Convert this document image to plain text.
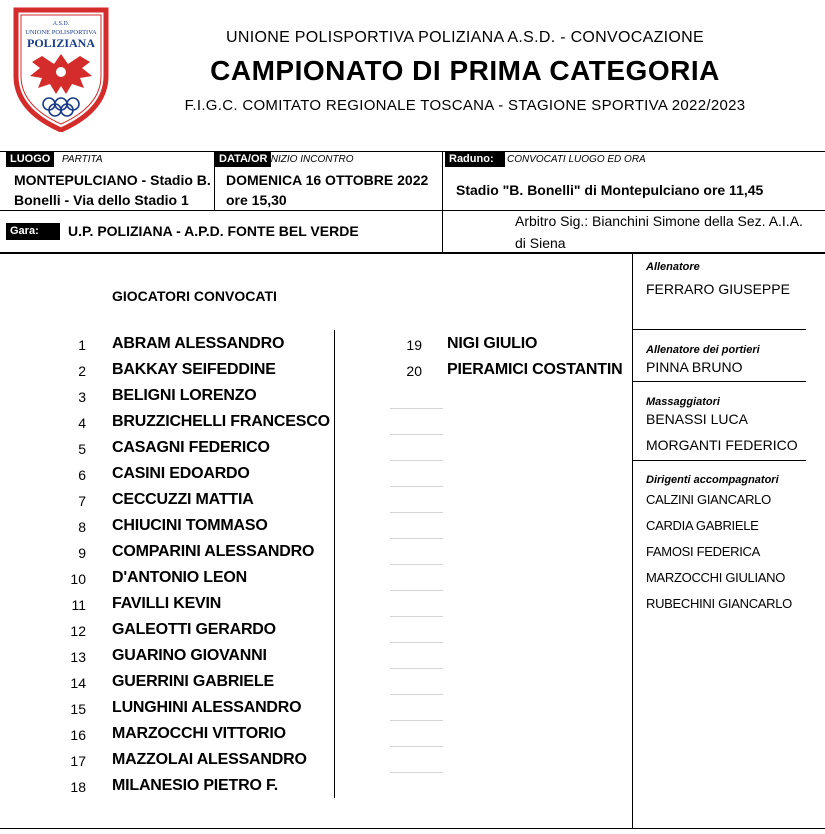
A.S.D.
UNIONE POLISPORTIVA
POLIZIANA	UNIONE POLISPORTIVA POLIZIANA A.S.D. - CONVOCAZIONE
CAMPIONATO DI PRIMA CATEGORIA
F.I.G.C. COMITATO REGIONALE TOSCANA - STAGIONE SPORTIVA 2022/2023
LUOGO	PARTITA
MONTEPULCIANO - Stadio B.
Bonelli - Via dello Stadio 1
DATA/OR INIZIO INCONTRO
DOMENICA 16 OTTOBRE 2022
ore 15,30
Raduno:	CONVOCATI LUOGO ED ORA
Stadio "B. Bonelli" di Montepulciano ore 11,45
Gara:	U.P. POLIZIANA - A.P.D. FONTE BEL VERDE
Arbitro Sig.: Bianchini Simone della Sez. A.I.A.
di Siena
GIOCATORI CONVOCATI
1 ABRAM ALESSANDRO
2 BAKKAY SEIFEDDINE
3 BELIGNI LORENZO
4 BRUZZICHELLI FRANCESCO
5 CASAGNI FEDERICO
6 CASINI EDOARDO
7 CECCUZZI MATTIA
8 CHIUCINI TOMMASO
9 COMPARINI ALESSANDRO
10 D'ANTONIO LEON
11 FAVILLI KEVIN
12 GALEOTTI GERARDO
13 GUARINO GIOVANNI
14 GUERRINI GABRIELE
15 LUNGHINI ALESSANDRO
16 MARZOCCHI VITTORIO
17 MAZZOLAI ALESSANDRO
18 MILANESIO PIETRO F.
19 NIGI GIULIO
20 PIERAMICI COSTANTIN
Allenatore
FERRARO GIUSEPPE
Allenatore dei portieri
PINNA BRUNO
Massaggiatori
BENASSI LUCA
MORGANTI FEDERICO
Dirigenti accompagnatori
CALZINI GIANCARLO
CARDIA GABRIELE
FAMOSI FEDERICA
MARZOCCHI GIULIANO
RUBECHINI GIANCARLO
